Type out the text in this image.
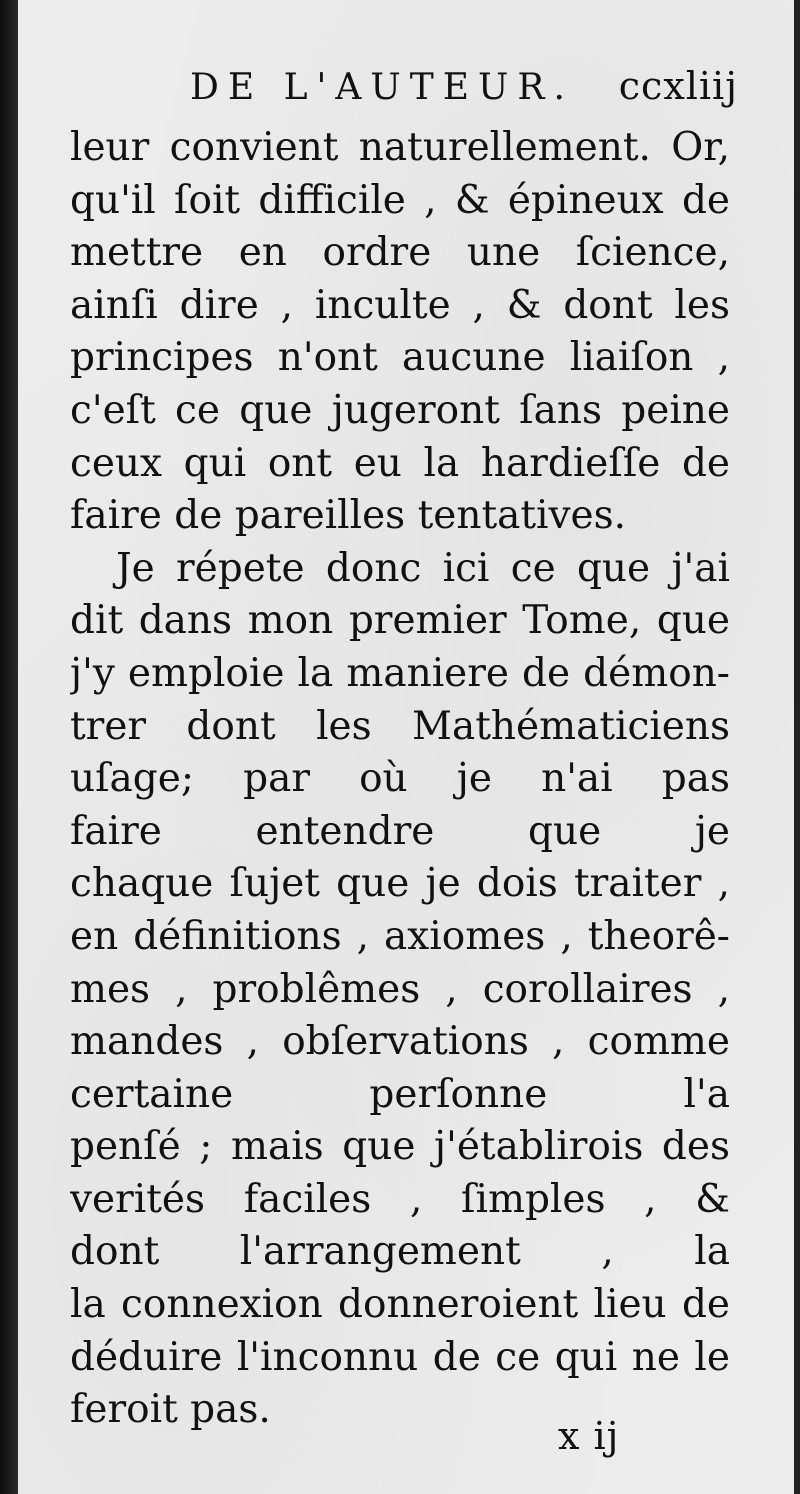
DE L'AUTEUR. ccxliij
leur convient naturellement. Or,
qu'il ſoit difficile , & épineux de
mettre en ordre une ſcience,
ainſi dire , inculte , & dont les
principes n'ont aucune liaiſon ,
c'eſt ce que jugeront ſans peine
ceux qui ont eu la hardieſſe de
faire de pareilles tentatives.
Je répete donc ici ce que j'ai
dit dans mon premier Tome, que
j'y emploie la maniere de démon-
trer dont les Mathématiciens
uſage; par où je n'ai pas
faire entendre que je
chaque ſujet que je dois traiter ,
en définitions , axiomes , theorê-
mes , problêmes , corollaires ,
mandes , obſervations , comme
certaine perſonne l'a
penſé ; mais que j'établirois des
verités faciles , ſimples , &
dont l'arrangement , la
la connexion donneroient lieu de
déduire l'inconnu de ce qui ne le
feroit pas.
x ij
